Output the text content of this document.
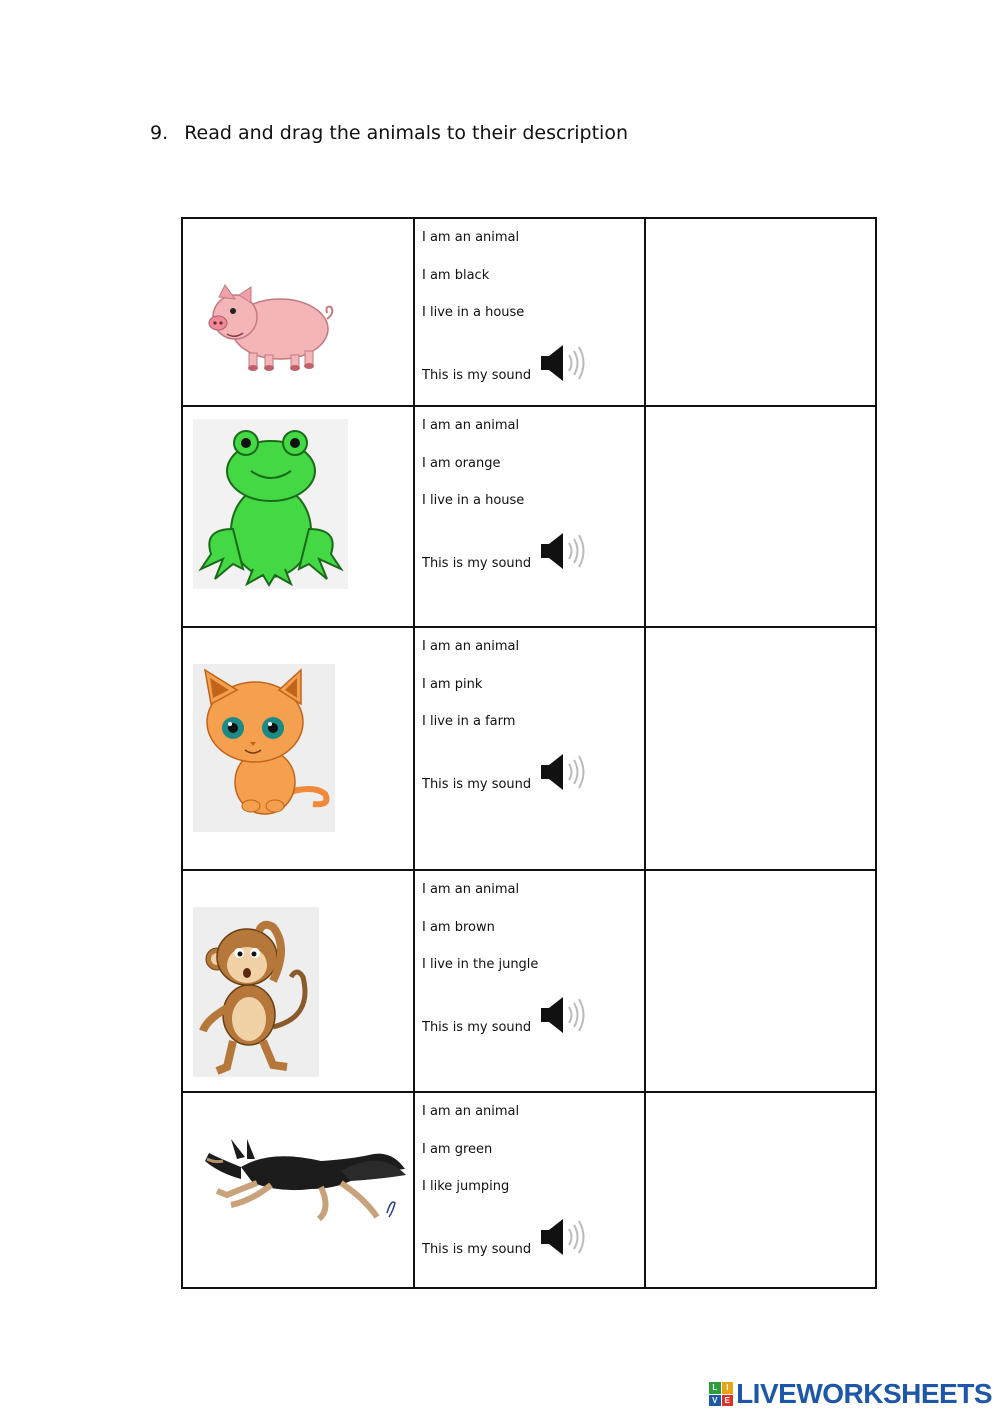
9. Read and drag the animals to their description

I am an animal
I am black
I live in a house
This is my sound	

I am an animal
I am orange
I live in a house
This is my sound	

I am an animal
I am pink
I live in a farm
This is my sound	

I am an animal
I am brown
I live in the jungle
This is my sound	

I am an animal
I am green
I like jumping
This is my sound	

L	I
V E LIVEWORKSHEETS
